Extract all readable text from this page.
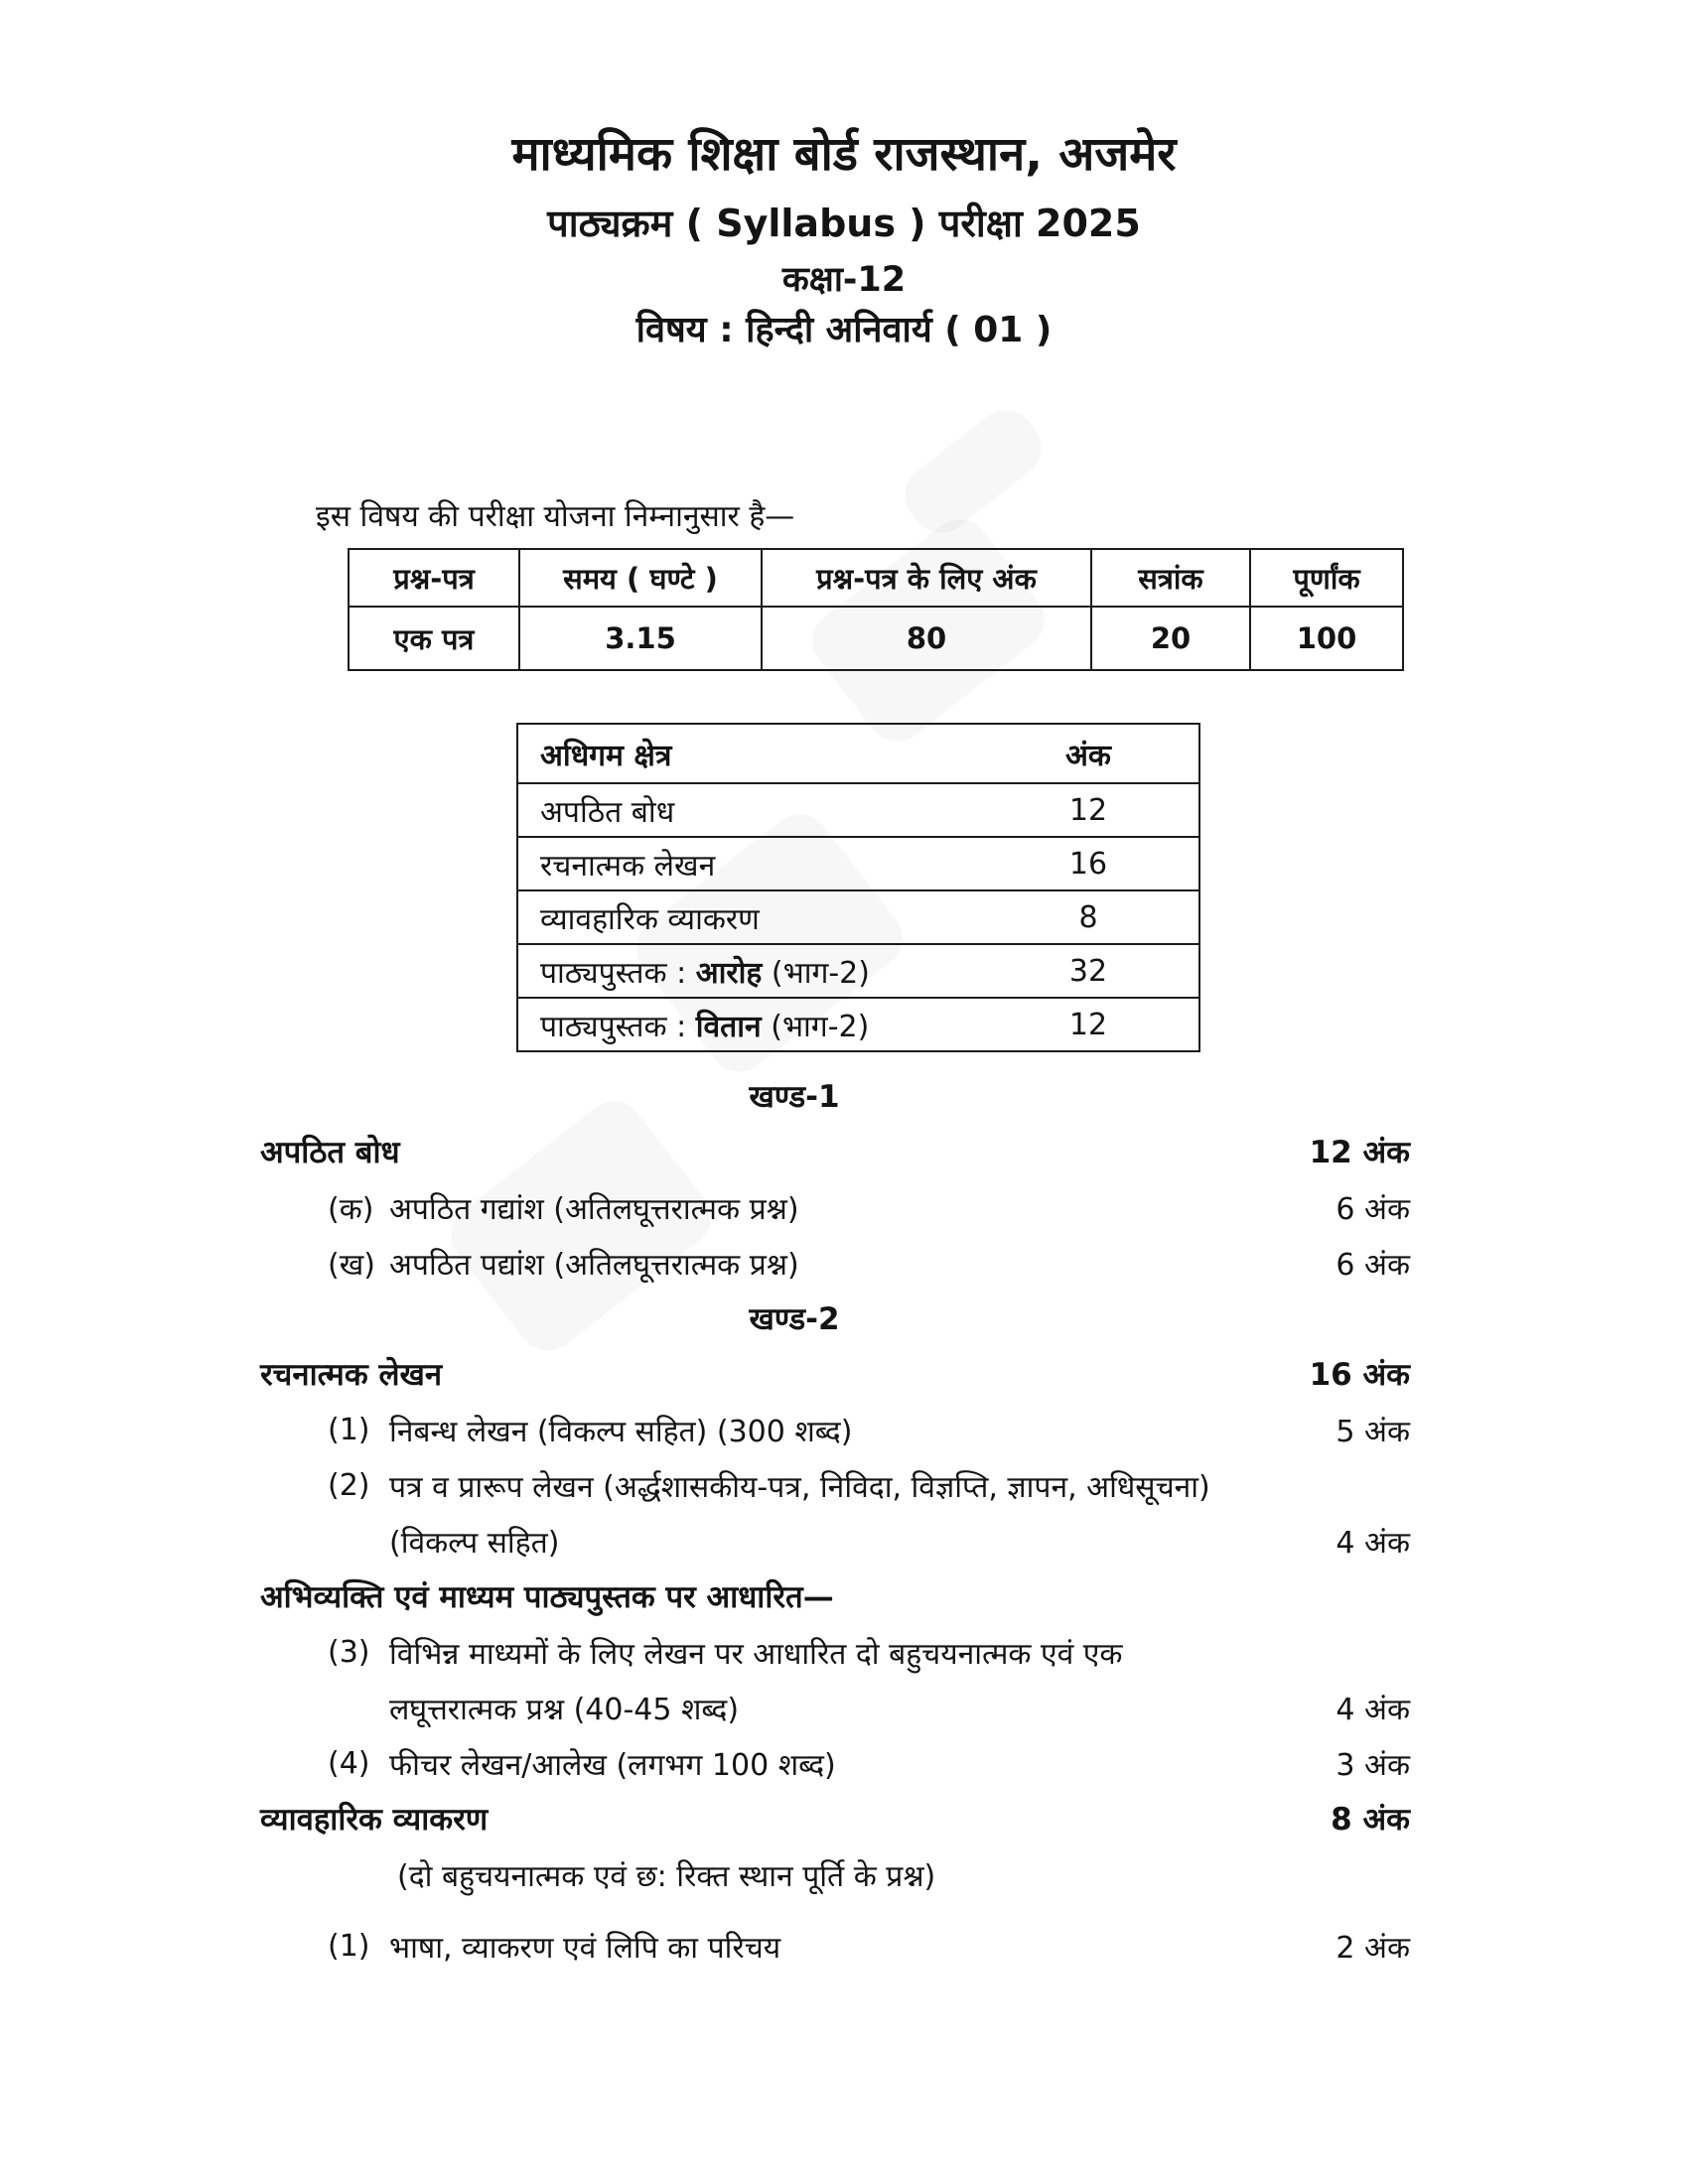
माध्यमिक शिक्षा बोर्ड राजस्थान, अजमेर
पाठ्यक्रम ( Syllabus ) परीक्षा 2025
कक्षा-12
विषय : हिन्दी अनिवार्य ( 01 )
इस विषय की परीक्षा योजना निम्नानुसार है—
प्रश्न-पत्र	समय ( घण्टे )	प्रश्न-पत्र के लिए अंक	सत्रांक	पूर्णांक
एक पत्र	3.15	80	20	100
अधिगम क्षेत्र	अंक
अपठित बोध	12
रचनात्मक लेखन	16
व्यावहारिक व्याकरण	8
पाठ्यपुस्तक : आरोह (भाग-2)	32
पाठ्यपुस्तक : वितान (भाग-2)	12
खण्ड-1
अपठित बोध	12 अंक
(क) अपठित गद्यांश (अतिलघूत्तरात्मक प्रश्न)	6 अंक
(ख) अपठित पद्यांश (अतिलघूत्तरात्मक प्रश्न)	6 अंक
खण्ड-2
रचनात्मक लेखन	16 अंक
(1) निबन्ध लेखन (विकल्प सहित) (300 शब्द)	5 अंक
(2) पत्र व प्रारूप लेखन (अर्द्धशासकीय-पत्र, निविदा, विज्ञप्ति, ज्ञापन, अधिसूचना)
(विकल्प सहित)	4 अंक
अभिव्यक्ति एवं माध्यम पाठ्यपुस्तक पर आधारित—
(3) विभिन्न माध्यमों के लिए लेखन पर आधारित दो बहुचयनात्मक एवं एक
लघूत्तरात्मक प्रश्न (40-45 शब्द)	4 अंक
(4) फीचर लेखन/आलेख (लगभग 100 शब्द)	3 अंक
व्यावहारिक व्याकरण	8 अंक
(दो बहुचयनात्मक एवं छ: रिक्त स्थान पूर्ति के प्रश्न)
(1) भाषा, व्याकरण एवं लिपि का परिचय	2 अंक
